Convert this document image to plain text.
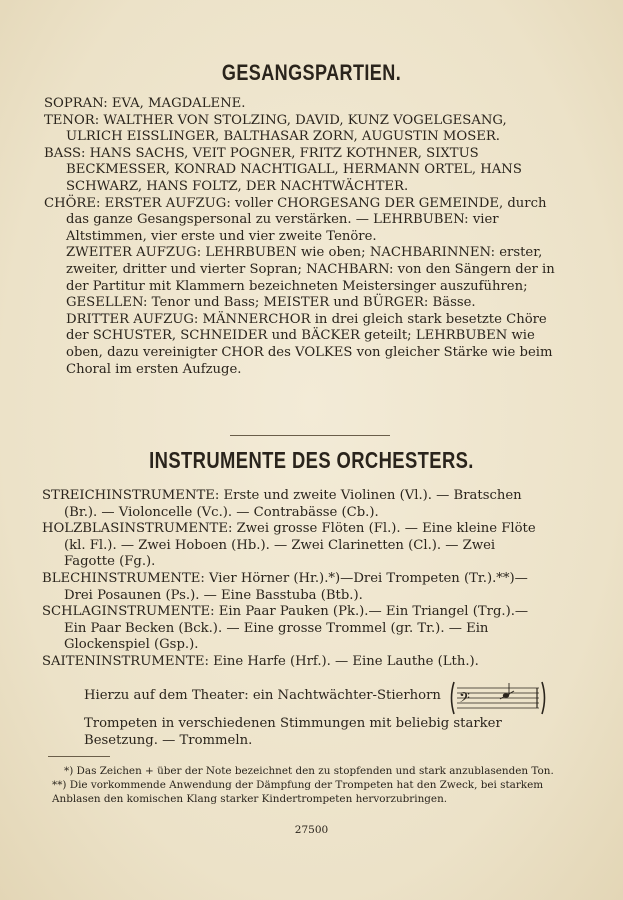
GESANGSPARTIEN.
SOPRAN: EVA, MAGDALENE.
TENOR: WALTHER VON STOLZING, DAVID, KUNZ VOGELGESANG, ULRICH EISSLINGER, BALTHASAR ZORN, AUGUSTIN MOSER.
BASS: HANS SACHS, VEIT POGNER, FRITZ KOTHNER, SIXTUS BECKMESSER, KONRAD NACHTIGALL, HERMANN ORTEL, HANS SCHWARZ, HANS FOLTZ, DER NACHTWÄCHTER.
CHÖRE: ERSTER AUFZUG: voller CHORGESANG DER GEMEINDE, durch das ganze Gesangspersonal zu verstärken. — LEHRBUBEN: vier Altstimmen, vier erste und vier zweite Tenöre.
ZWEITER AUFZUG: LEHRBUBEN wie oben; NACHBARINNEN: erster, zweiter, dritter und vierter Sopran; NACHBARN: von den Sängern der in der Partitur mit Klammern bezeichneten Meistersinger auszuführen; GESELLEN: Tenor und Bass; MEISTER und BÜRGER: Bässe.
DRITTER AUFZUG: MÄNNERCHOR in drei gleich stark besetzte Chöre der SCHUSTER, SCHNEIDER und BÄCKER geteilt; LEHRBUBEN wie oben, dazu vereinigter CHOR des VOLKES von gleicher Stärke wie beim Choral im ersten Aufzuge.
INSTRUMENTE DES ORCHESTERS.
STREICHINSTRUMENTE: Erste und zweite Violinen (Vl.). — Bratschen (Br.). — Violoncelle (Vc.). — Contrabässe (Cb.).
HOLZBLASINSTRUMENTE: Zwei grosse Flöten (Fl.). — Eine kleine Flöte (kl. Fl.). — Zwei Hoboen (Hb.). — Zwei Clarinetten (Cl.). — Zwei Fagotte (Fg.).
BLECHINSTRUMENTE: Vier Hörner (Hr.).*)—Drei Trompeten (Tr.).**)— Drei Posaunen (Ps.). — Eine Basstuba (Btb.).
SCHLAGINSTRUMENTE: Ein Paar Pauken (Pk.).— Ein Triangel (Trg.).— Ein Paar Becken (Bck.). — Eine grosse Trommel (gr. Tr.). — Ein Glockenspiel (Gsp.).
SAITENINSTRUMENTE: Eine Harfe (Hrf.). — Eine Lauthe (Lth.).
Hierzu auf dem Theater: ein Nachtwächter-Stierhorn	𝄢
Trompeten in verschiedenen Stimmungen mit beliebig starker Besetzung. — Trommeln.
*) Das Zeichen + über der Note bezeichnet den zu stopfenden und stark anzublasenden Ton.
**) Die vorkommende Anwendung der Dämpfung der Trompeten hat den Zweck, bei starkem Anblasen den komischen Klang starker Kindertrompeten hervorzubringen.
27500
